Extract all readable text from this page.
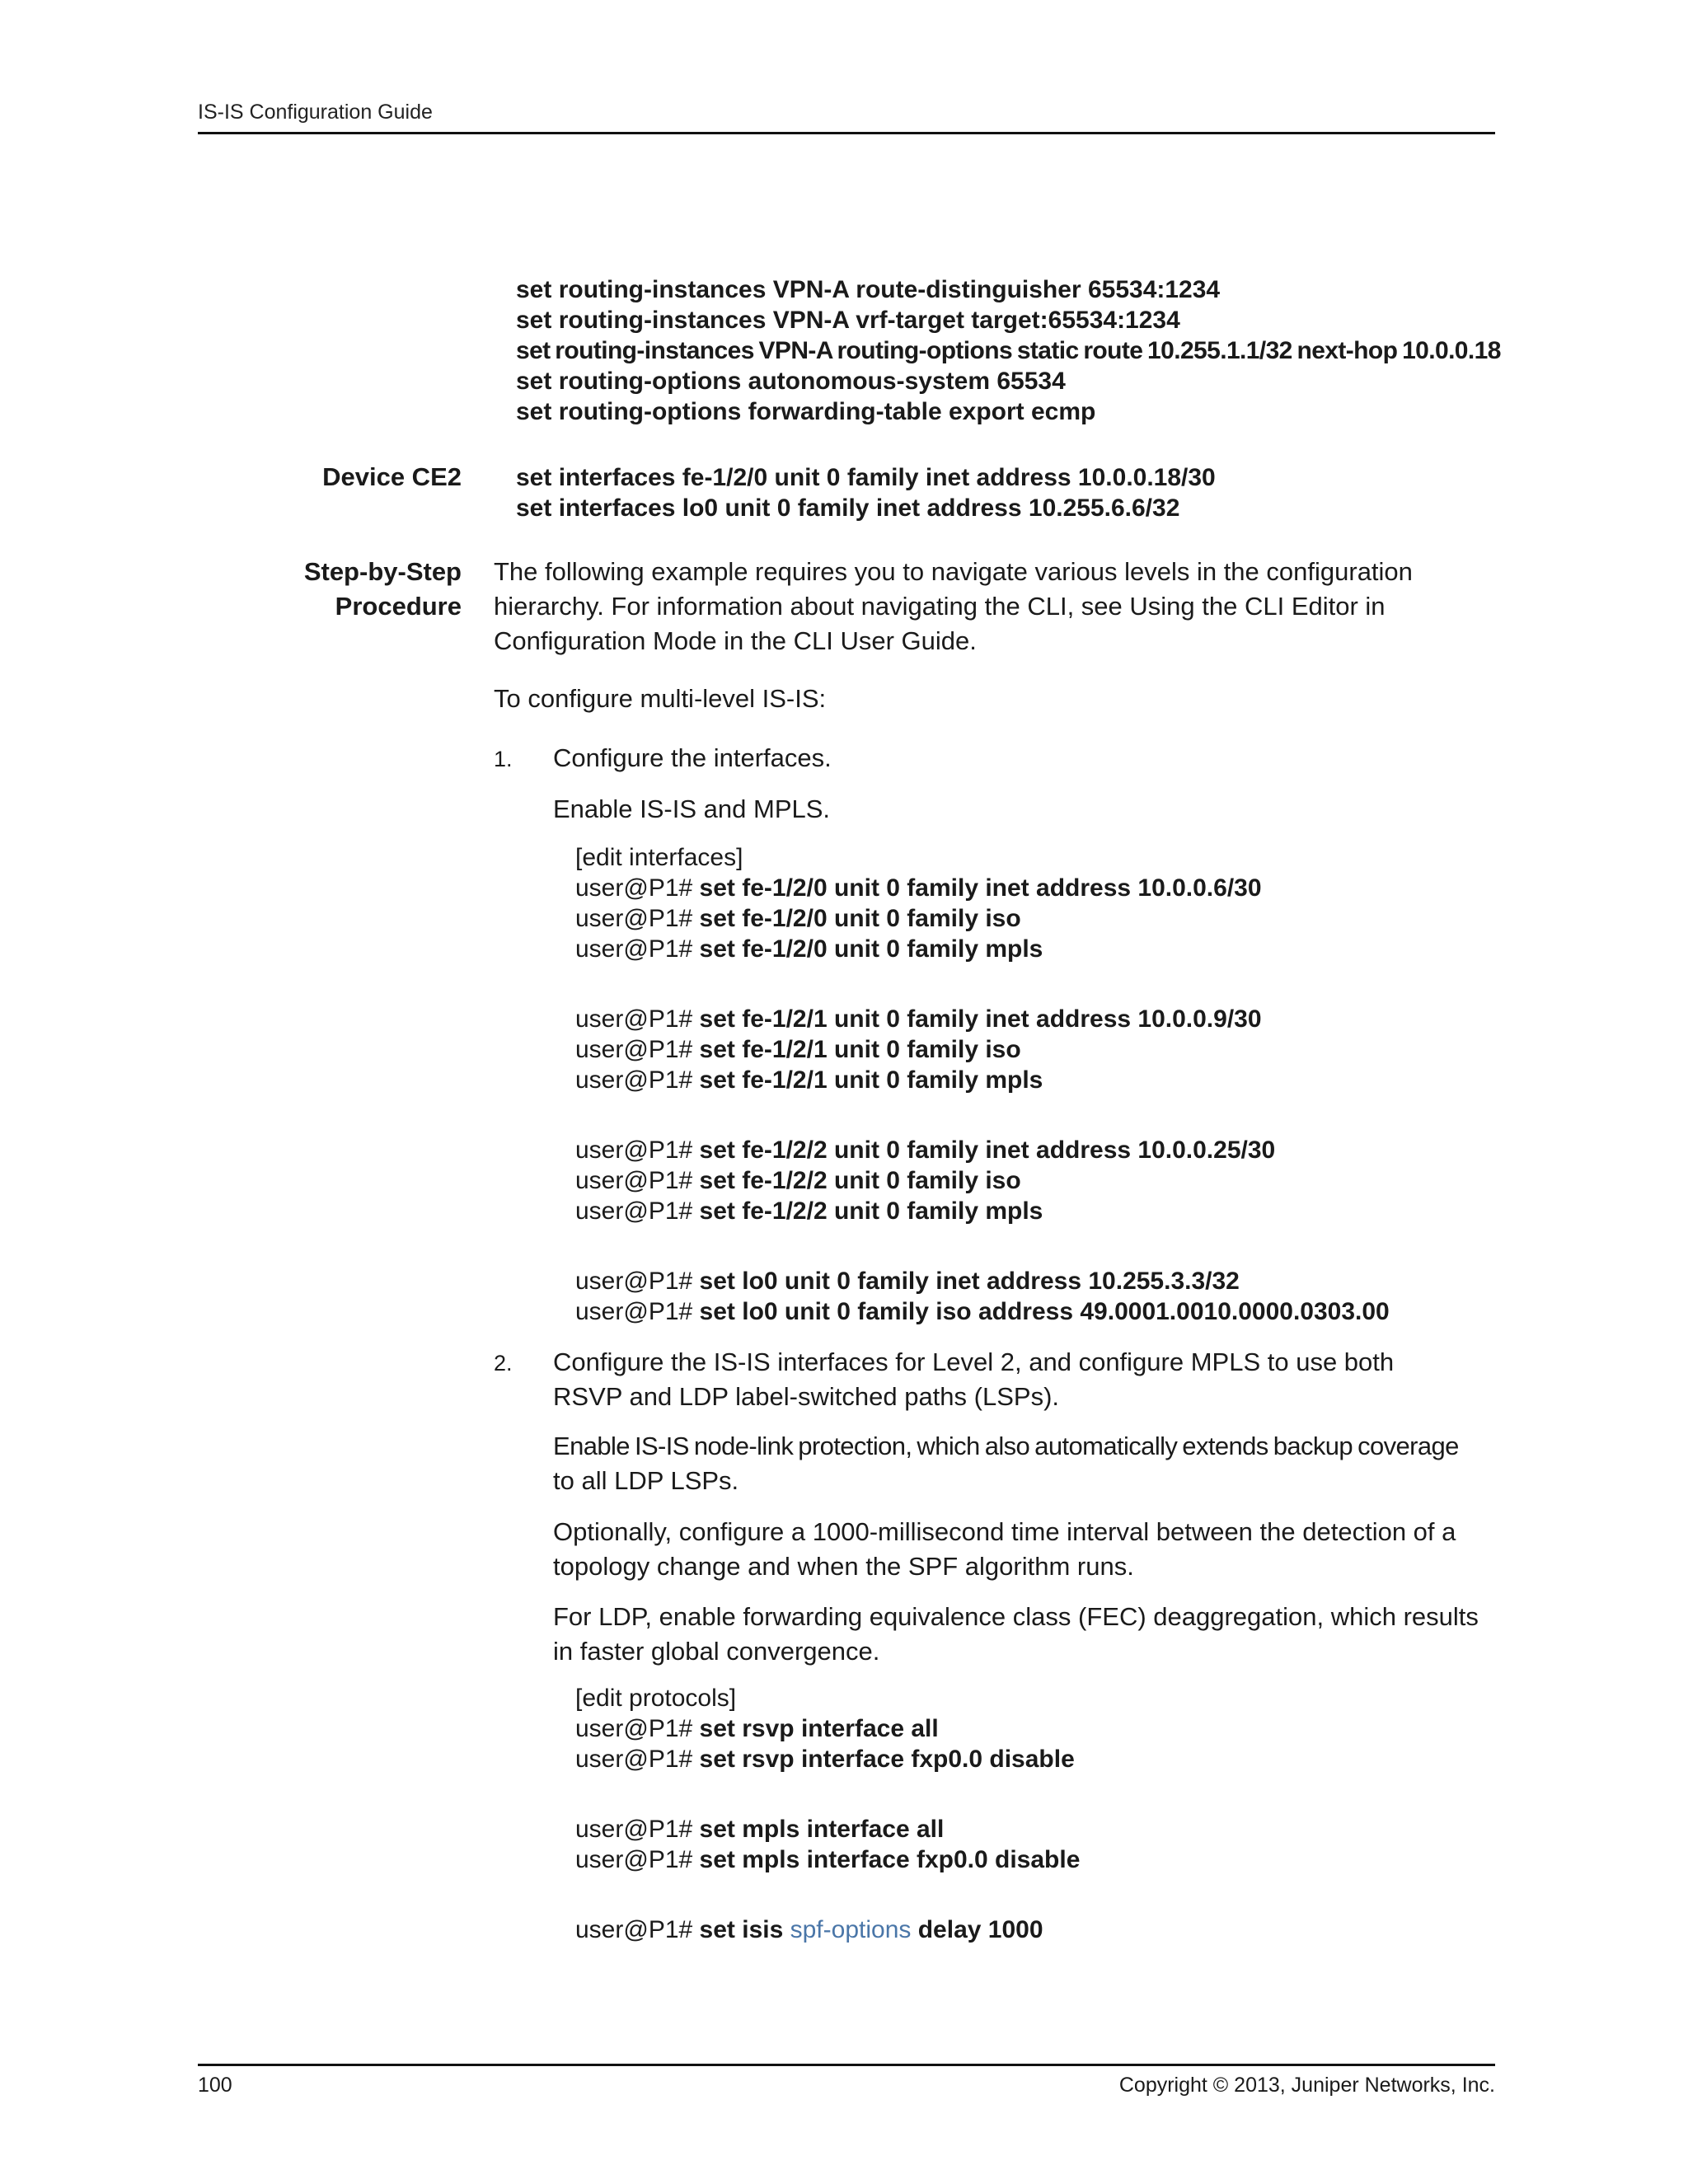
IS-IS Configuration Guide
set routing-instances VPN-A route-distinguisher 65534:1234
set routing-instances VPN-A vrf-target target:65534:1234
set routing-instances VPN-A routing-options static route 10.255.1.1/32 next-hop 10.0.0.18
set routing-options autonomous-system 65534
set routing-options forwarding-table export ecmp
Device CE2 set interfaces fe-1/2/0 unit 0 family inet address 10.0.0.18/30
set interfaces lo0 unit 0 family inet address 10.255.6.6/32
Step-by-Step
Procedure
The following example requires you to navigate various levels in the configuration hierarchy. For information about navigating the CLI, see Using the CLI Editor in Configuration Mode in the CLI User Guide.
To configure multi-level IS-IS:
1. Configure the interfaces.
Enable IS-IS and MPLS.
[edit interfaces]
user@P1# set fe-1/2/0 unit 0 family inet address 10.0.0.6/30
user@P1# set fe-1/2/0 unit 0 family iso
user@P1# set fe-1/2/0 unit 0 family mpls
user@P1# set fe-1/2/1 unit 0 family inet address 10.0.0.9/30
user@P1# set fe-1/2/1 unit 0 family iso
user@P1# set fe-1/2/1 unit 0 family mpls
user@P1# set fe-1/2/2 unit 0 family inet address 10.0.0.25/30
user@P1# set fe-1/2/2 unit 0 family iso
user@P1# set fe-1/2/2 unit 0 family mpls
user@P1# set lo0 unit 0 family inet address 10.255.3.3/32
user@P1# set lo0 unit 0 family iso address 49.0001.0010.0000.0303.00
2. Configure the IS-IS interfaces for Level 2, and configure MPLS to use both RSVP and LDP label-switched paths (LSPs).
Enable IS-IS node-link protection, which also automatically extends backup coverage
to all LDP LSPs.
Optionally, configure a 1000-millisecond time interval between the detection of a topology change and when the SPF algorithm runs.
For LDP, enable forwarding equivalence class (FEC) deaggregation, which results in faster global convergence.
[edit protocols]
user@P1# set rsvp interface all
user@P1# set rsvp interface fxp0.0 disable
user@P1# set mpls interface all
user@P1# set mpls interface fxp0.0 disable
user@P1# set isis spf-options delay 1000
100	Copyright © 2013, Juniper Networks, Inc.
